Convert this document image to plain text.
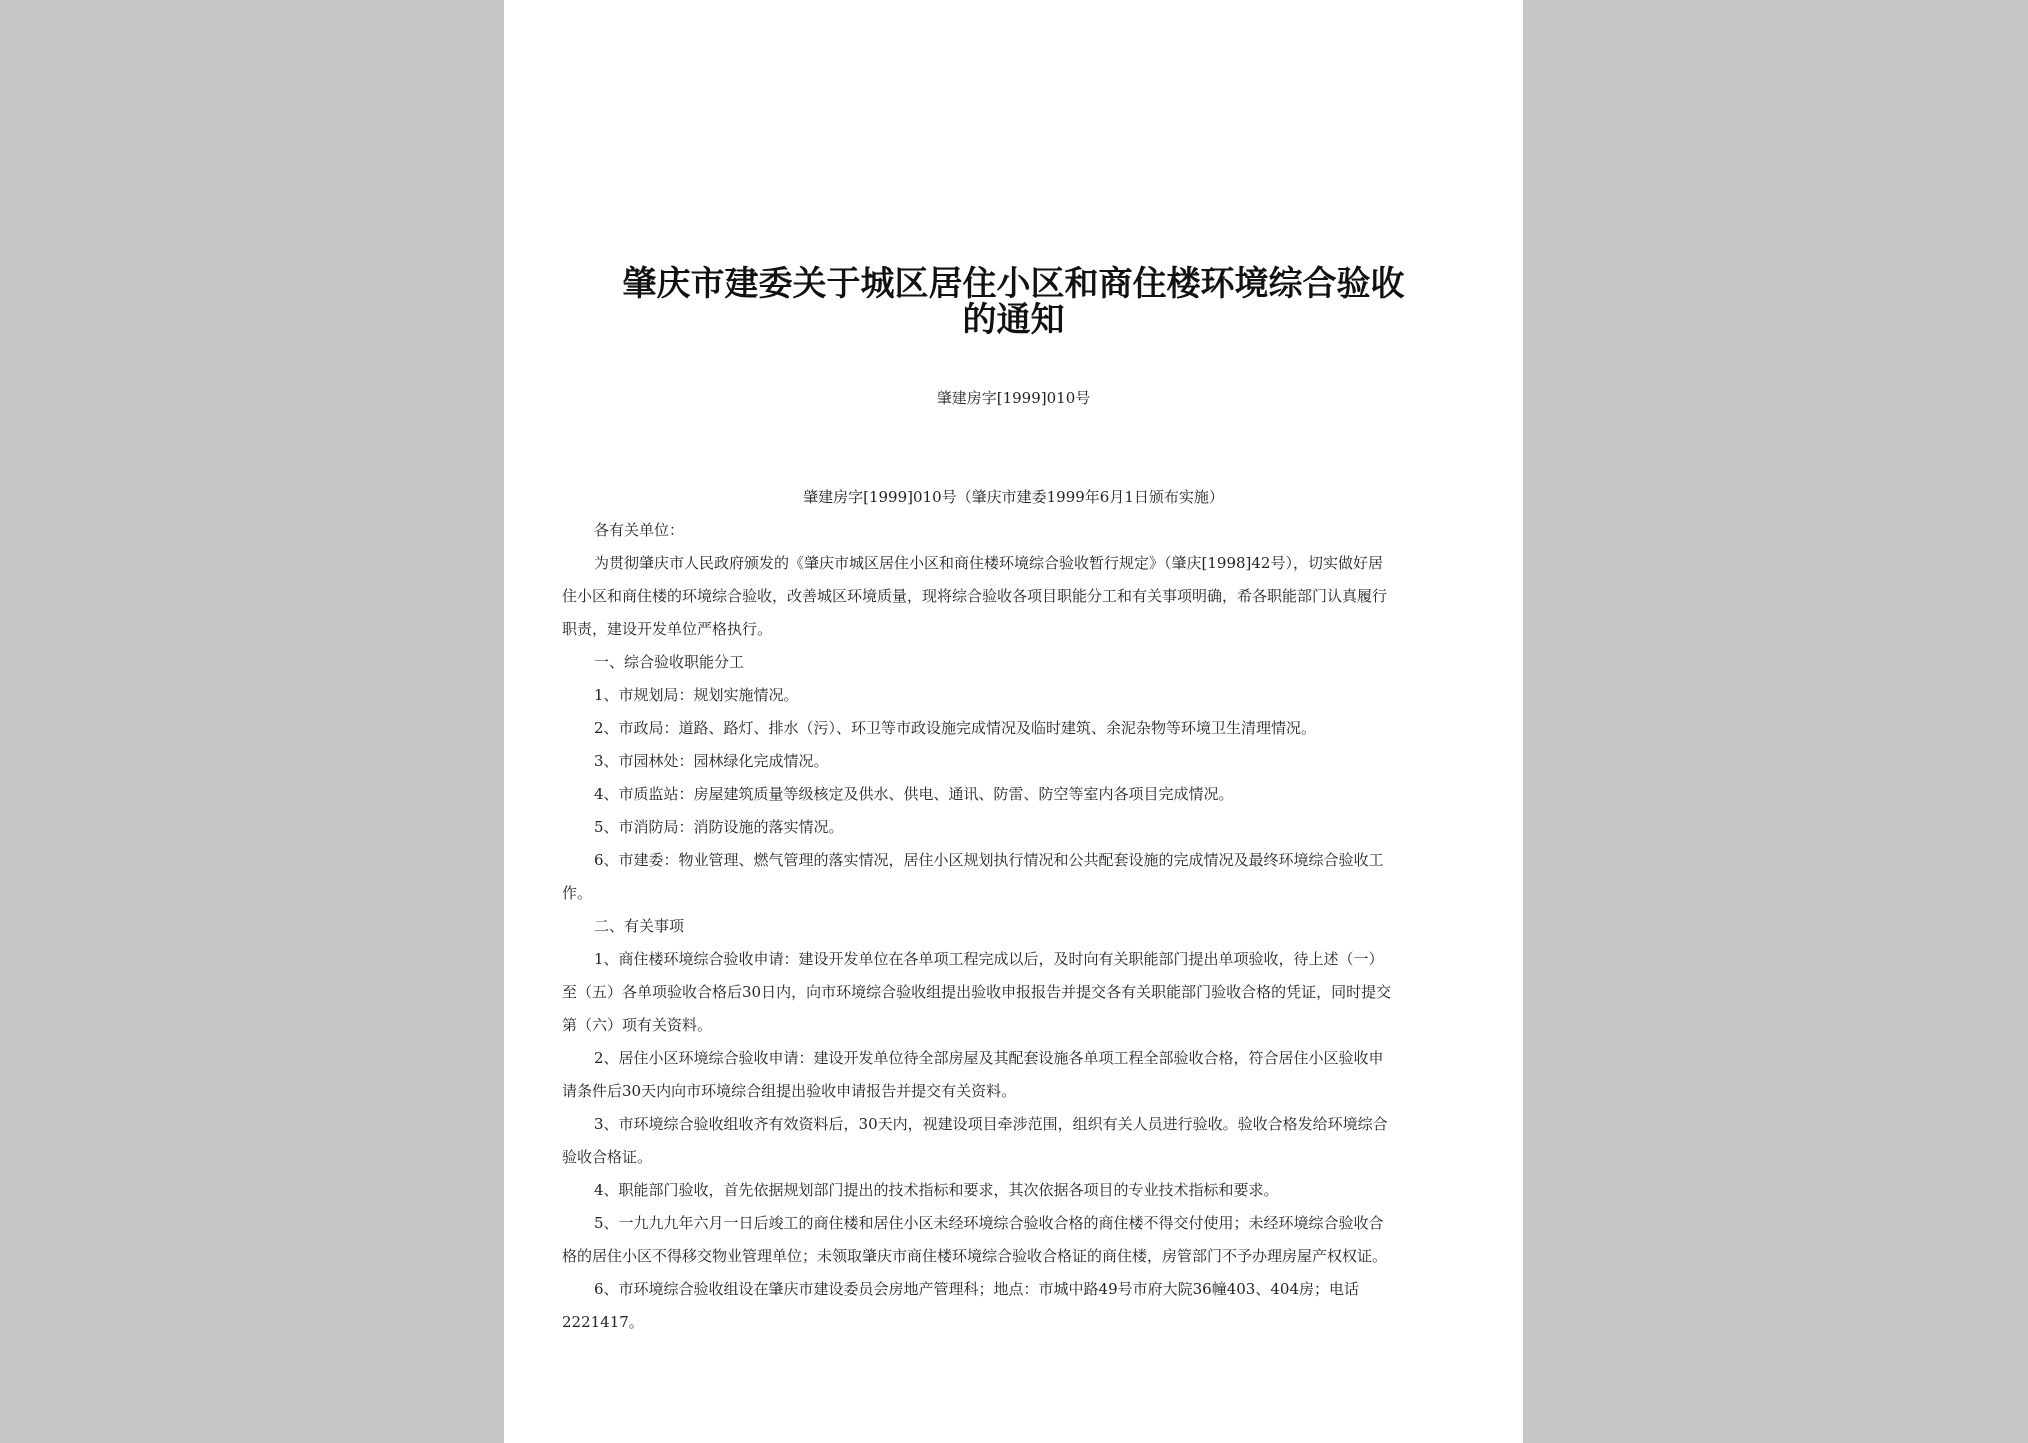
肇庆市建委关于城区居住小区和商住楼环境综合验收
的通知
肇建房字[1999]010号
肇建房字[1999]010号（肇庆市建委1999年6月1日颁布实施）
各有关单位：
为贯彻肇庆市人民政府颁发的《肇庆市城区居住小区和商住楼环境综合验收暂行规定》（肇庆[1998]42号），切实做好居
住小区和商住楼的环境综合验收，改善城区环境质量，现将综合验收各项目职能分工和有关事项明确，希各职能部门认真履行
职责，建设开发单位严格执行。
一、综合验收职能分工
1、市规划局：规划实施情况。
2、市政局：道路、路灯、排水（污）、环卫等市政设施完成情况及临时建筑、余泥杂物等环境卫生清理情况。
3、市园林处：园林绿化完成情况。
4、市质监站：房屋建筑质量等级核定及供水、供电、通讯、防雷、防空等室内各项目完成情况。
5、市消防局：消防设施的落实情况。
6、市建委：物业管理、燃气管理的落实情况，居住小区规划执行情况和公共配套设施的完成情况及最终环境综合验收工
作。
二、有关事项
1、商住楼环境综合验收申请：建设开发单位在各单项工程完成以后，及时向有关职能部门提出单项验收，待上述（一）
至（五）各单项验收合格后30日内，向市环境综合验收组提出验收申报报告并提交各有关职能部门验收合格的凭证，同时提交
第（六）项有关资料。
2、居住小区环境综合验收申请：建设开发单位待全部房屋及其配套设施各单项工程全部验收合格，符合居住小区验收申
请条件后30天内向市环境综合组提出验收申请报告并提交有关资料。
3、市环境综合验收组收齐有效资料后，30天内，视建设项目牵涉范围，组织有关人员进行验收。验收合格发给环境综合
验收合格证。
4、职能部门验收，首先依据规划部门提出的技术指标和要求，其次依据各项目的专业技术指标和要求。
5、一九九九年六月一日后竣工的商住楼和居住小区未经环境综合验收合格的商住楼不得交付使用；未经环境综合验收合
格的居住小区不得移交物业管理单位；未领取肇庆市商住楼环境综合验收合格证的商住楼，房管部门不予办理房屋产权权证。
6、市环境综合验收组设在肇庆市建设委员会房地产管理科；地点：市城中路49号市府大院36幢403、404房；电话
2221417。
